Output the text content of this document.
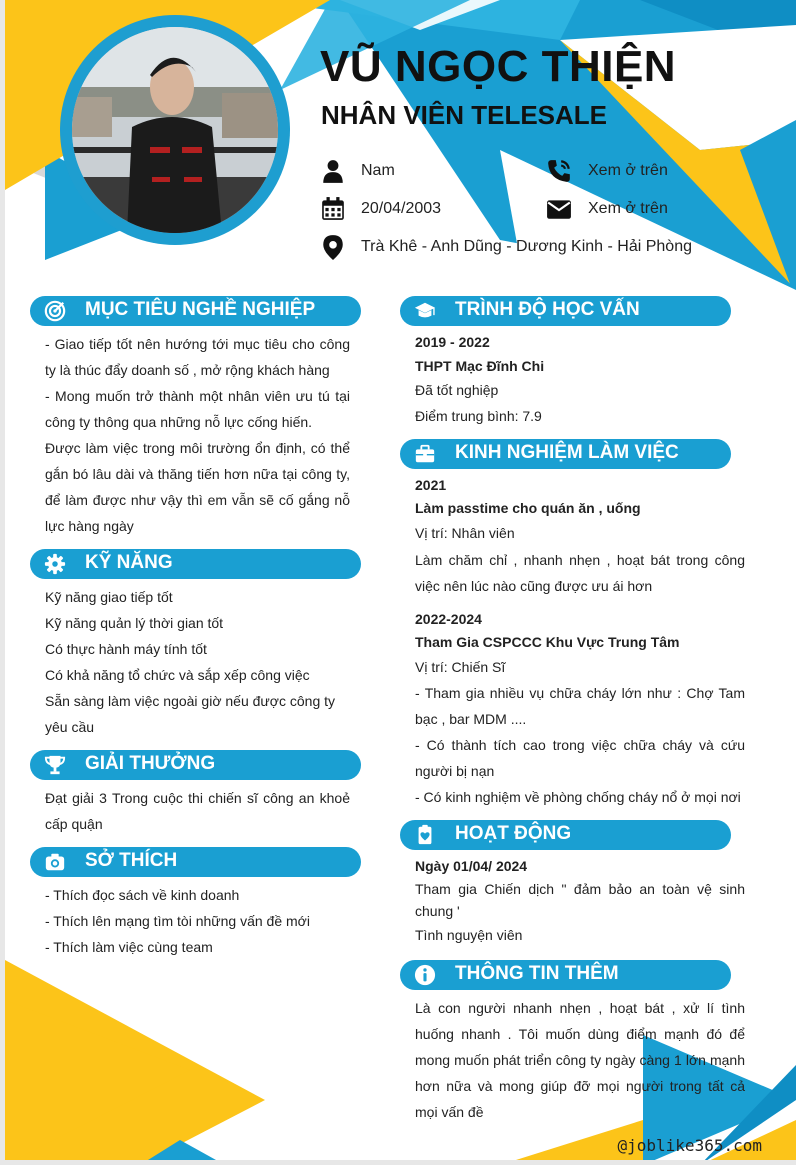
VŨ NGỌC THIỆN
NHÂN VIÊN TELESALE
Nam	Xem ở trên
20/04/2003	Xem ở trên
Trà Khê - Anh Dũng - Dương Kinh - Hải Phòng
MỤC TIÊU NGHỀ NGHIỆP

- Giao tiếp tốt nên hướng tới mục tiêu cho công ty là thúc đẩy doanh số , mở rộng khách hàng

- Mong muốn trở thành một nhân viên ưu tú tại công ty thông qua những nỗ lực cống hiến.

Được làm việc trong môi trường ổn định, có thể gắn bó lâu dài và thăng tiến hơn nữa tại công ty, để làm được như vậy thì em vẫn sẽ cố gắng nỗ lực hàng ngày

KỸ NĂNG

Kỹ năng giao tiếp tốt

Kỹ năng quản lý thời gian tốt

Có thực hành máy tính tốt

Có khả năng tổ chức và sắp xếp công việc

Sẵn sàng làm việc ngoài giờ nếu được công ty yêu cầu

GIẢI THƯỞNG

Đạt giải 3 Trong cuộc thi chiến sĩ công an khoẻ cấp quận

SỞ THÍCH

- Thích đọc sách về kinh doanh

- Thích lên mạng tìm tòi những vấn đề mới

- Thích làm việc cùng team

TRÌNH ĐỘ HỌC VẤN

2019 - 2022

THPT Mạc Đĩnh Chi

Đã tốt nghiệp

Điểm trung bình: 7.9

KINH NGHIỆM LÀM VIỆC

2021

Làm passtime cho quán ăn , uống

Vị trí: Nhân viên

Làm chăm chỉ , nhanh nhẹn , hoạt bát trong công việc nên lúc nào cũng được ưu ái hơn

2022-2024

Tham Gia CSPCCC Khu Vực Trung Tâm

Vị trí: Chiến Sĩ

- Tham gia nhiều vụ chữa cháy lớn như : Chợ Tam bạc , bar MDM ....

- Có thành tích cao trong việc chữa cháy và cứu người bị nạn

- Có kinh nghiệm về phòng chống cháy nổ ở mọi nơi

HOẠT ĐỘNG

Ngày 01/04/ 2024

Tham gia Chiến dịch " đảm bảo an toàn vệ sinh chung '

Tình nguyện viên

THÔNG TIN THÊM

Là con người nhanh nhẹn , hoạt bát , xử lí tình huống nhanh . Tôi muốn dùng điểm mạnh đó để mong muốn phát triển công ty ngày càng 1 lớn mạnh hơn nữa và mong giúp đỡ mọi người trong tất cả mọi vấn đề

@joblike365.com
